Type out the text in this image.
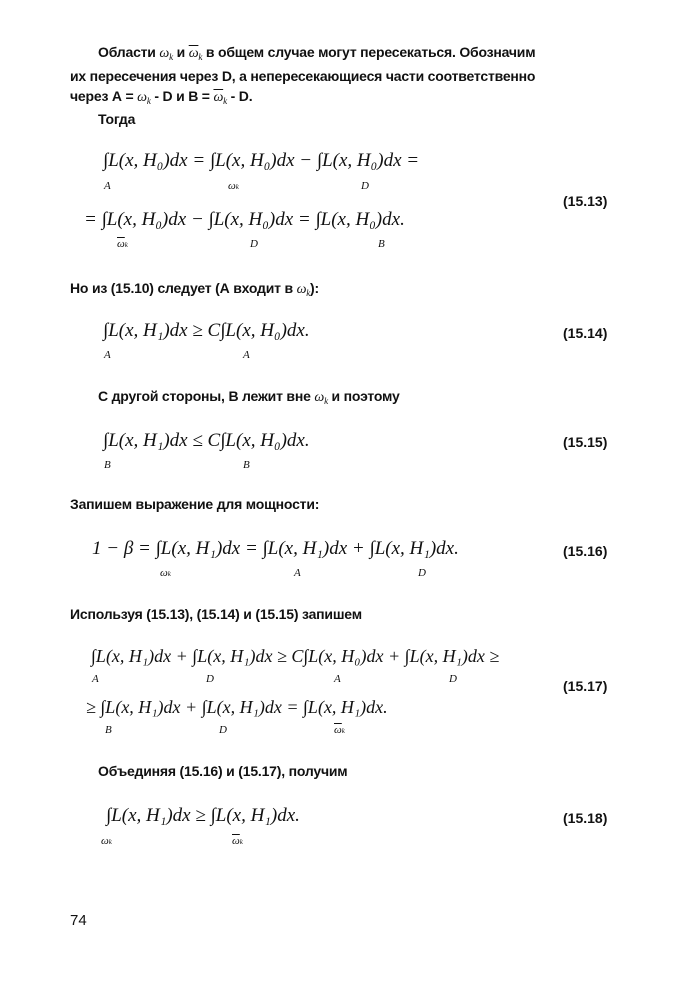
Области $\omega_k$ и $\overline{\omega}_k$ в общем случае могут пересекаться. Обозначим
их пересечения через D, а непересекающиеся части соответственно
через $А = \omega_k - D$ и $В = \overline{\omega}_k - D$.
Тогда
∫L(x, H₀)dx = ∫L(x, H₀)dx − ∫L(x, H₀)dx =
A	ωk	D
= ∫L(x, H₀)dx − ∫L(x, H₀)dx = ∫L(x, H₀)dx.
$\overline{\omega}k$	D	B
(15.13)
Но из (15.10) следует (А входит в $\omega_k$):
∫L(x, H₁)dx ≥ C∫L(x, H₀)dx.
A	A
(15.14)
С другой стороны, В лежит вне $\omega_k$ и поэтому
∫L(x, H₁)dx ≤ C∫L(x, H₀)dx.
B	B
(15.15)
Запишем выражение для мощности:
1 − β = ∫L(x, H₁)dx = ∫L(x, H₁)dx + ∫L(x, H₁)dx.
ωk	A	D
(15.16)
Используя (15.13), (15.14) и (15.15) запишем
∫L(x, H₁)dx + ∫L(x, H₁)dx ≥ C∫L(x, H₀)dx + ∫L(x, H₁)dx ≥
A	D	A	D
≥ ∫L(x, H₁)dx + ∫L(x, H₁)dx = ∫L(x, H₁)dx.
B	D	$\overline{\omega}k$
(15.17)
Объединяя (15.16) и (15.17), получим
∫L(x, H₁)dx ≥ ∫L(x, H₁)dx.
ωk	$\overline{\omega}k$
(15.18)
74
